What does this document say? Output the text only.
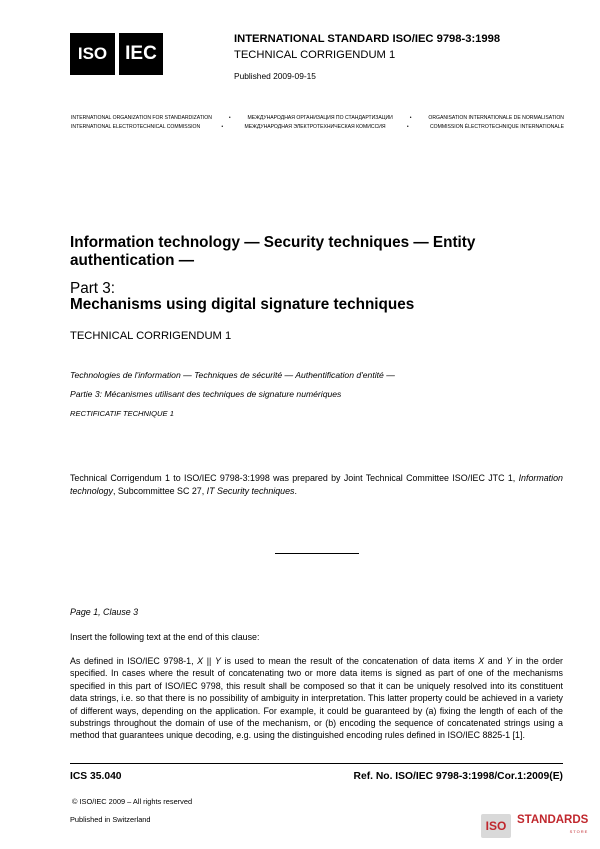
ISO IEC
INTERNATIONAL STANDARD ISO/IEC 9798-3:1998
TECHNICAL CORRIGENDUM 1
Published 2009-09-15
INTERNATIONAL ORGANIZATION FOR STANDARDIZATION	•	МЕЖДУНАРОДНАЯ ОРГАНИЗАЦИЯ ПО СТАНДАРТИЗАЦИИ	•	ORGANISATION INTERNATIONALE DE NORMALISATION
INTERNATIONAL ELECTROTECHNICAL COMMISSION	•	МЕЖДУНАРОДНАЯ ЭЛЕКТРОТЕХНИЧЕСКАЯ КОМИССИЯ	•	COMMISSION ÉLECTROTECHNIQUE INTERNATIONALE
Information technology — Security techniques — Entity authentication —
Part 3:
Mechanisms using digital signature techniques
TECHNICAL CORRIGENDUM 1
Technologies de l'information — Techniques de sécurité — Authentification d'entité —
Partie 3: Mécanismes utilisant des techniques de signature numériques
RECTIFICATIF TECHNIQUE 1
Technical Corrigendum 1 to ISO/IEC 9798-3:1998 was prepared by Joint Technical Committee ISO/IEC JTC 1, Information technology, Subcommittee SC 27, IT Security techniques.
Page 1, Clause 3
Insert the following text at the end of this clause:
As defined in ISO/IEC 9798-1, X || Y is used to mean the result of the concatenation of data items X and Y in the order specified. In cases where the result of concatenating two or more data items is signed as part of one of the mechanisms specified in this part of ISO/IEC 9798, this result shall be composed so that it can be uniquely resolved into its constituent data strings, i.e. so that there is no possibility of ambiguity in interpretation. This latter property could be achieved in a variety of different ways, depending on the application. For example, it could be guaranteed by (a) fixing the length of each of the substrings throughout the domain of use of the mechanism, or (b) encoding the sequence of concatenated strings using a method that guarantees unique decoding, e.g. using the distinguished encoding rules defined in ISO/IEC 8825-1 [1].
ICS 35.040	Ref. No. ISO/IEC 9798-3:1998/Cor.1:2009(E)
© ISO/IEC 2009 – All rights reserved
Published in Switzerland	ISO STANDARDS
STORE
